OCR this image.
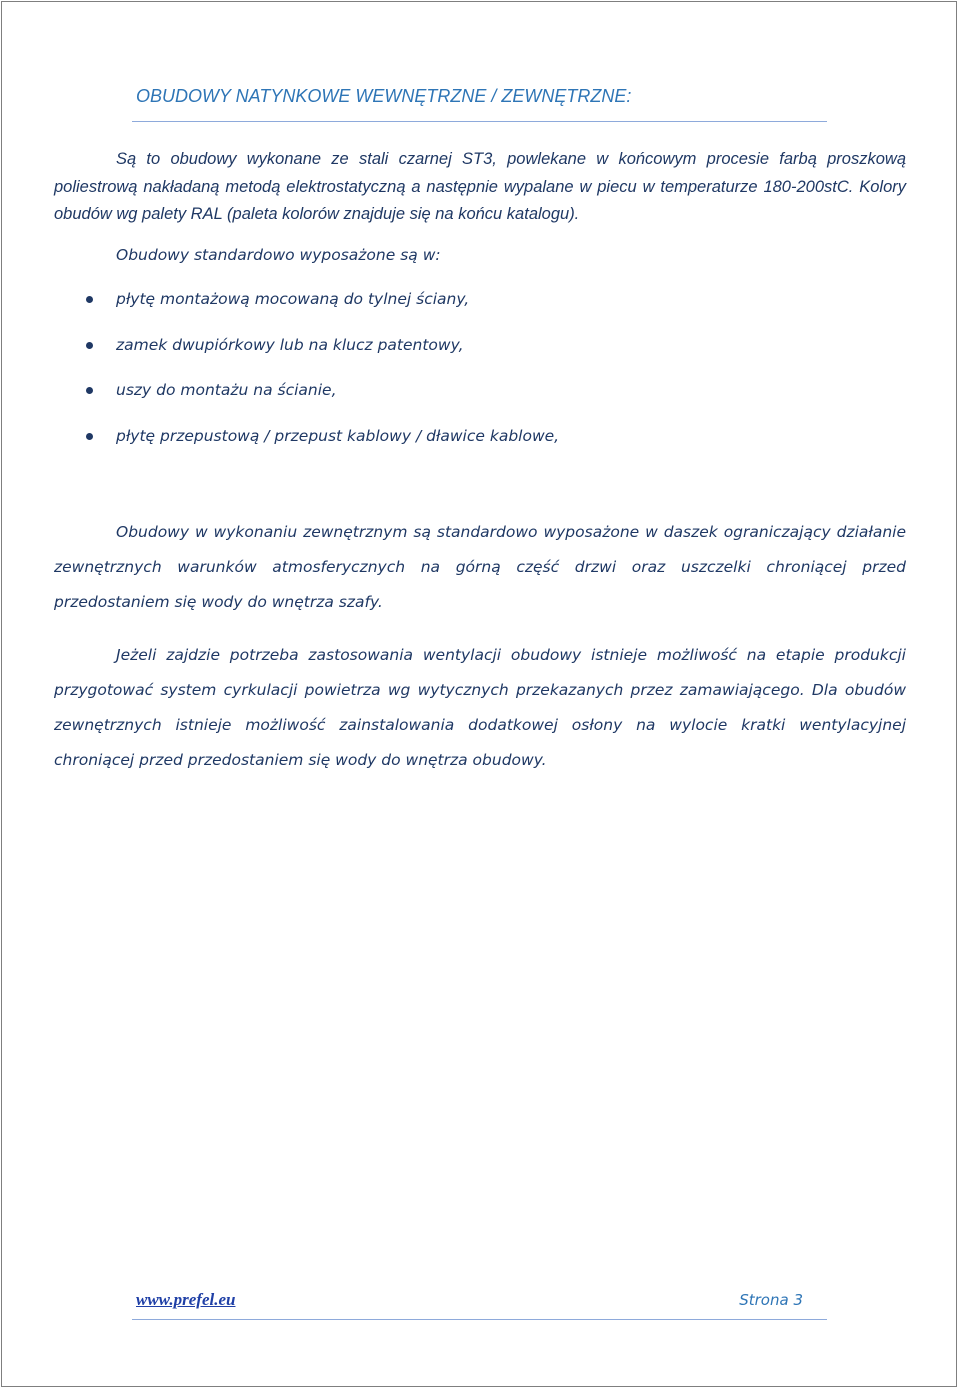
OBUDOWY NATYNKOWE WEWNĘTRZNE / ZEWNĘTRZNE:
Są to obudowy wykonane ze stali czarnej ST3, powlekane w końcowym procesie farbą proszkową poliestrową nakładaną metodą elektrostatyczną a następnie wypalane w piecu w temperaturze 180-200stC. Kolory obudów wg palety RAL (paleta kolorów znajduje się na końcu katalogu).
Obudowy standardowo wyposażone są w:
płytę montażową mocowaną do tylnej ściany,
zamek dwupiórkowy lub na klucz patentowy,
uszy do montażu na ścianie,
płytę przepustową / przepust kablowy / dławice kablowe,
Obudowy w wykonaniu zewnętrznym są standardowo wyposażone w daszek ograniczający działanie zewnętrznych warunków atmosferycznych na górną część drzwi oraz uszczelki chroniącej przed przedostaniem się wody do wnętrza szafy.
Jeżeli zajdzie potrzeba zastosowania wentylacji obudowy istnieje możliwość na etapie produkcji przygotować system cyrkulacji powietrza wg wytycznych przekazanych przez zamawiającego. Dla obudów zewnętrznych istnieje możliwość zainstalowania dodatkowej osłony na wylocie kratki wentylacyjnej chroniącej przed przedostaniem się wody do wnętrza obudowy.
www.prefel.eu	Strona 3
